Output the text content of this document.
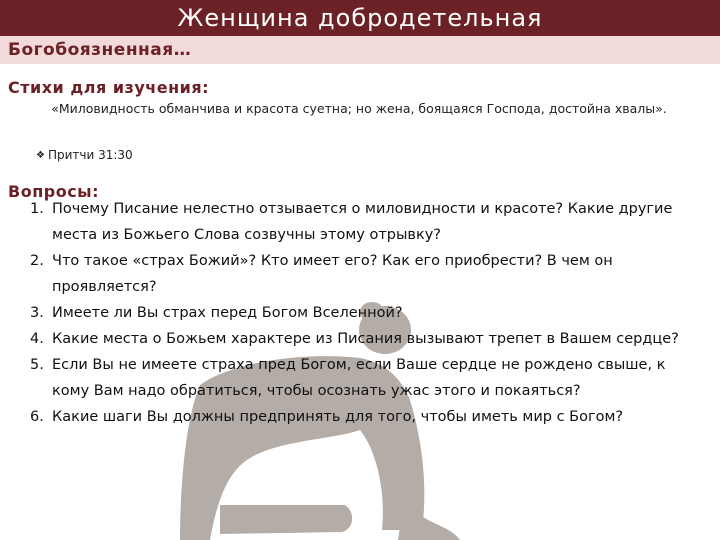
Женщина добродетельная
Богобоязненная…
Стихи для изучения:
«Миловидность обманчива и красота суетна; но жена, боящаяся Господа, достойна хвалы».
❖ Притчи 31:30
Вопросы:
1. Почему Писание нелестно отзывается о миловидности и красоте? Какие другие места из Божьего Слова созвучны этому отрывку?
2. Что такое «страх Божий»? Кто имеет его? Как его приобрести? В чем он проявляется?
3. Имеете ли Вы страх перед Богом Вселенной?
4. Какие места о Божьем характере из Писания вызывают трепет в Вашем сердце?
5. Если Вы не имеете страха пред Богом, если Ваше сердце не рождено свыше, к кому Вам надо обратиться, чтобы осознать ужас этого и покаяться?
6. Какие шаги Вы должны предпринять для того, чтобы иметь мир с Богом?
